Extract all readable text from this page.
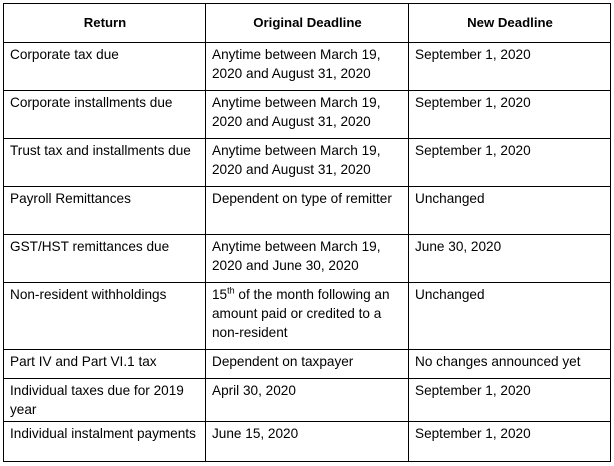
Return	Original Deadline	New Deadline
Corporate tax due	Anytime between March 19, 2020 and August 31, 2020	September 1, 2020
Corporate installments due	Anytime between March 19, 2020 and August 31, 2020	September 1, 2020
Trust tax and installments due	Anytime between March 19, 2020 and August 31, 2020	September 1, 2020
Payroll Remittances	Dependent on type of remitter	Unchanged
GST/HST remittances due	Anytime between March 19, 2020 and June 30, 2020	June 30, 2020
Non-resident withholdings	15th of the month following an amount paid or credited to a non-resident	Unchanged
Part IV and Part VI.1 tax	Dependent on taxpayer	No changes announced yet
Individual taxes due for 2019 year	April 30, 2020	September 1, 2020
Individual instalment payments	June 15, 2020	September 1, 2020
